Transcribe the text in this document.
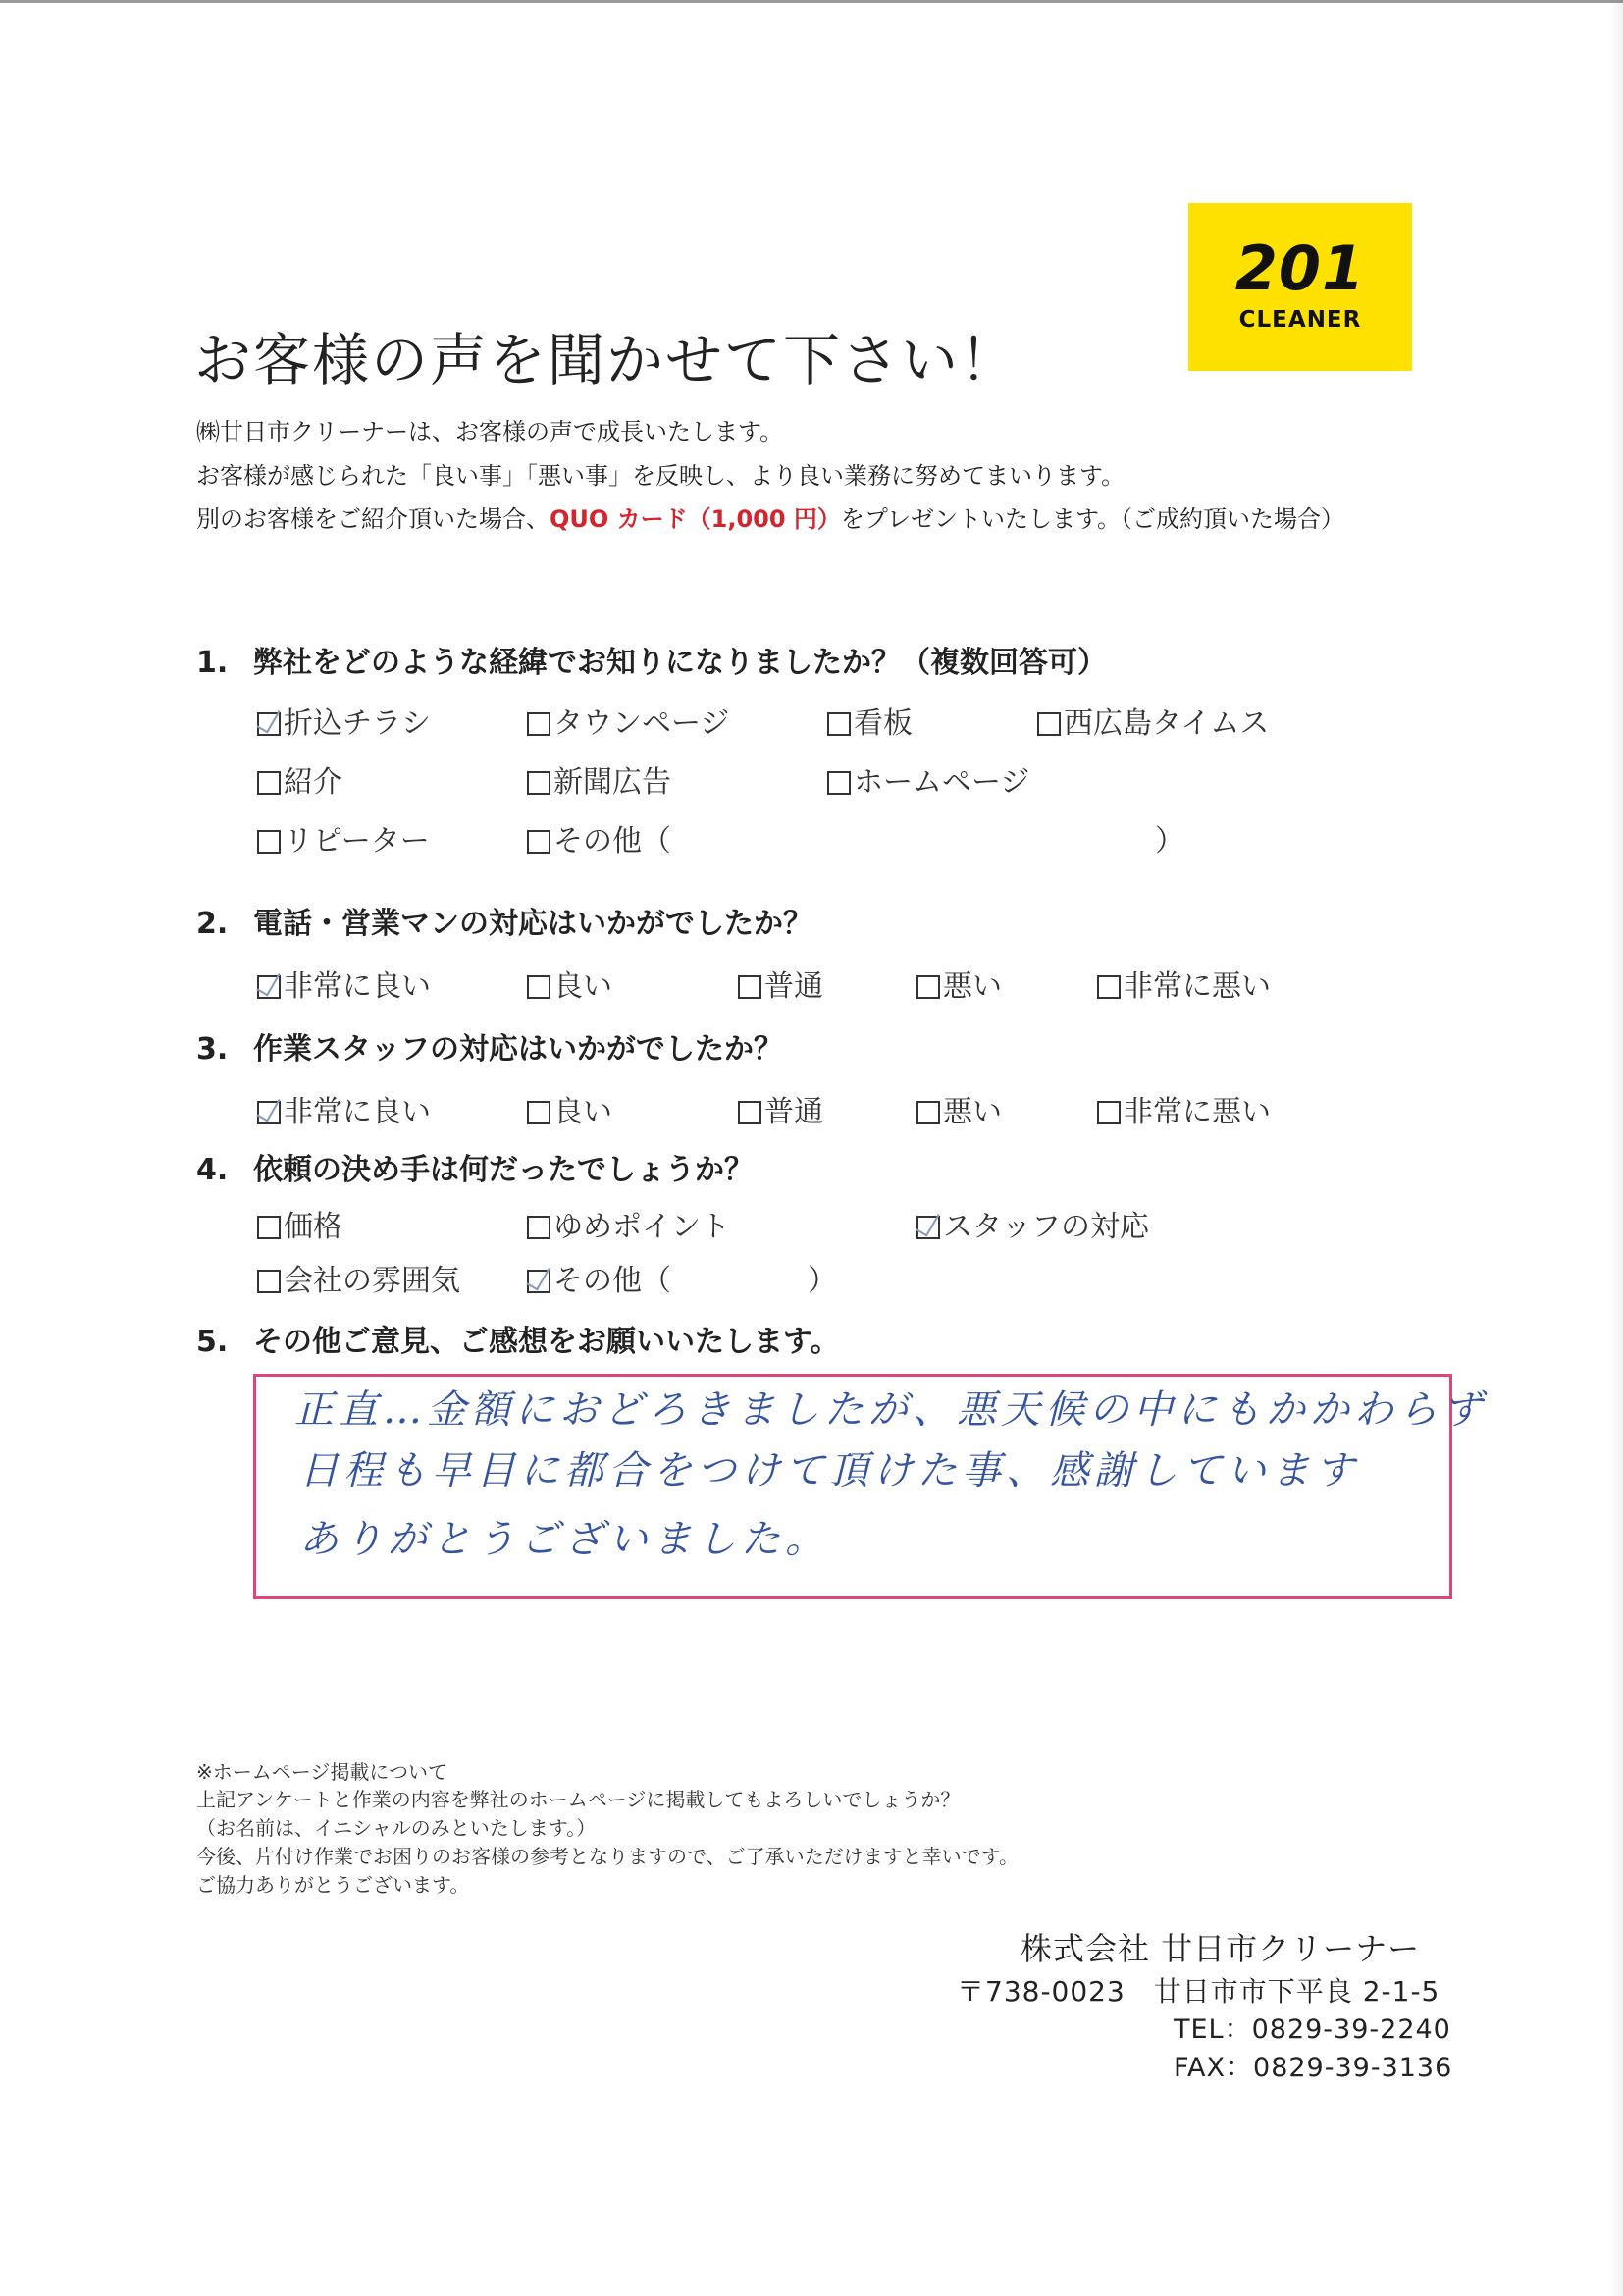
201
CLEANER
お客様の声を聞かせて下さい！
㈱廿日市クリーナーは、お客様の声で成長いたします。
お客様が感じられた「良い事」「悪い事」を反映し、より良い業務に努めてまいります。
別のお客様をご紹介頂いた場合、QUO カード（1,000 円）をプレゼントいたします。（ご成約頂いた場合）
1. 弊社をどのような経緯でお知りになりましたか？（複数回答可）
折込チラシ	タウンページ	看板	西広島タイムス
紹介	新聞広告	ホームページ
リピーター	その他（	）
2. 電話・営業マンの対応はいかがでしたか？
非常に良い	良い	普通	悪い	非常に悪い
3. 作業スタッフの対応はいかがでしたか？
非常に良い	良い	普通	悪い	非常に悪い
4. 依頼の決め手は何だったでしょうか？
価格	ゆめポイント	スタッフの対応
会社の雰囲気	その他（	）
5. その他ご意見、ご感想をお願いいたします。
正直…金額におどろきましたが、悪天候の中にもかかわらず
日程も早目に都合をつけて頂けた事、感謝しています
ありがとうございました。
※ホームページ掲載について
上記アンケートと作業の内容を弊社のホームページに掲載してもよろしいでしょうか？
（お名前は、イニシャルのみといたします。）
今後、片付け作業でお困りのお客様の参考となりますので、ご了承いただけますと幸いです。
ご協力ありがとうございます。
株式会社 廿日市クリーナー
〒738-0023　廿日市市下平良 2-1-5
TEL：0829-39-2240
FAX：0829-39-3136
